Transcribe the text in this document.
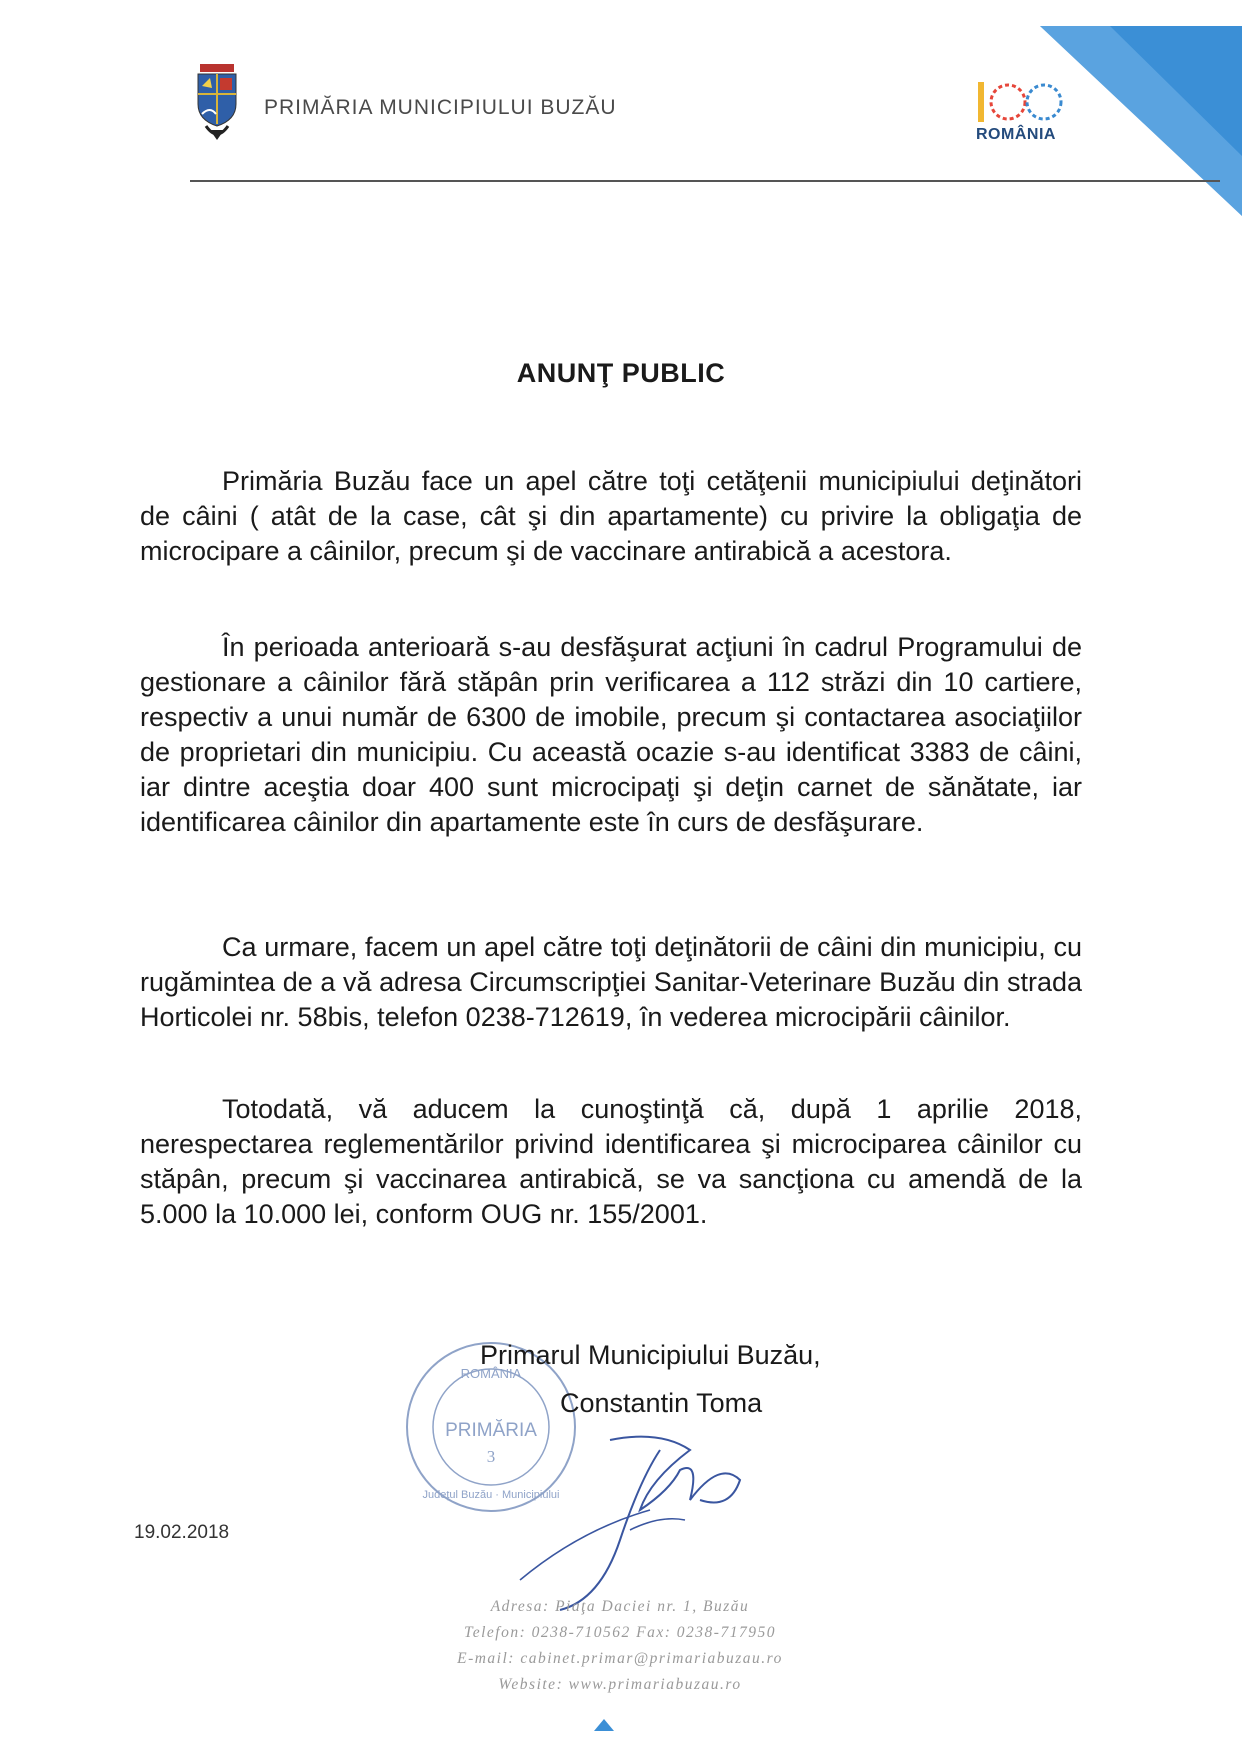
PRIMĂRIA MUNICIPIULUI BUZĂU
ROMÂNIA
ANUNŢ PUBLIC
Primăria Buzău face un apel către toţi cetăţenii municipiului deţinători de câini ( atât de la case, cât şi din apartamente) cu privire la obligaţia de microcipare a câinilor, precum şi de vaccinare antirabică a acestora.
În perioada anterioară s-au desfăşurat acţiuni în cadrul Programului de gestionare a câinilor fără stăpân prin verificarea a 112 străzi din 10 cartiere, respectiv a unui număr de 6300 de imobile, precum şi contactarea asociaţiilor de proprietari din municipiu. Cu această ocazie s-au identificat 3383 de câini, iar dintre aceştia doar 400 sunt microcipaţi şi deţin carnet de sănătate, iar identificarea câinilor din apartamente este în curs de desfăşurare.
Ca urmare, facem un apel către toţi deţinătorii de câini din municipiu, cu rugămintea de a vă adresa Circumscripţiei Sanitar-Veterinare Buzău din strada Horticolei nr. 58bis, telefon 0238-712619, în vederea microcipării câinilor.
Totodată, vă aducem la cunoştinţă că, după 1 aprilie 2018, nerespectarea reglementărilor privind identificarea şi microciparea câinilor cu stăpân, precum şi vaccinarea antirabică, se va sancţiona cu amendă de la 5.000 la 10.000 lei, conform OUG nr. 155/2001.
ROMÂNIA
PRIMĂRIA
3
Judeţul Buzău · Municipiului
Primarul Municipiului Buzău,
Constantin Toma
19.02.2018
Adresa: Piaţa Daciei nr. 1, Buzău
Telefon: 0238-710562 Fax: 0238-717950
E-mail: cabinet.primar@primariabuzau.ro
Website: www.primariabuzau.ro
